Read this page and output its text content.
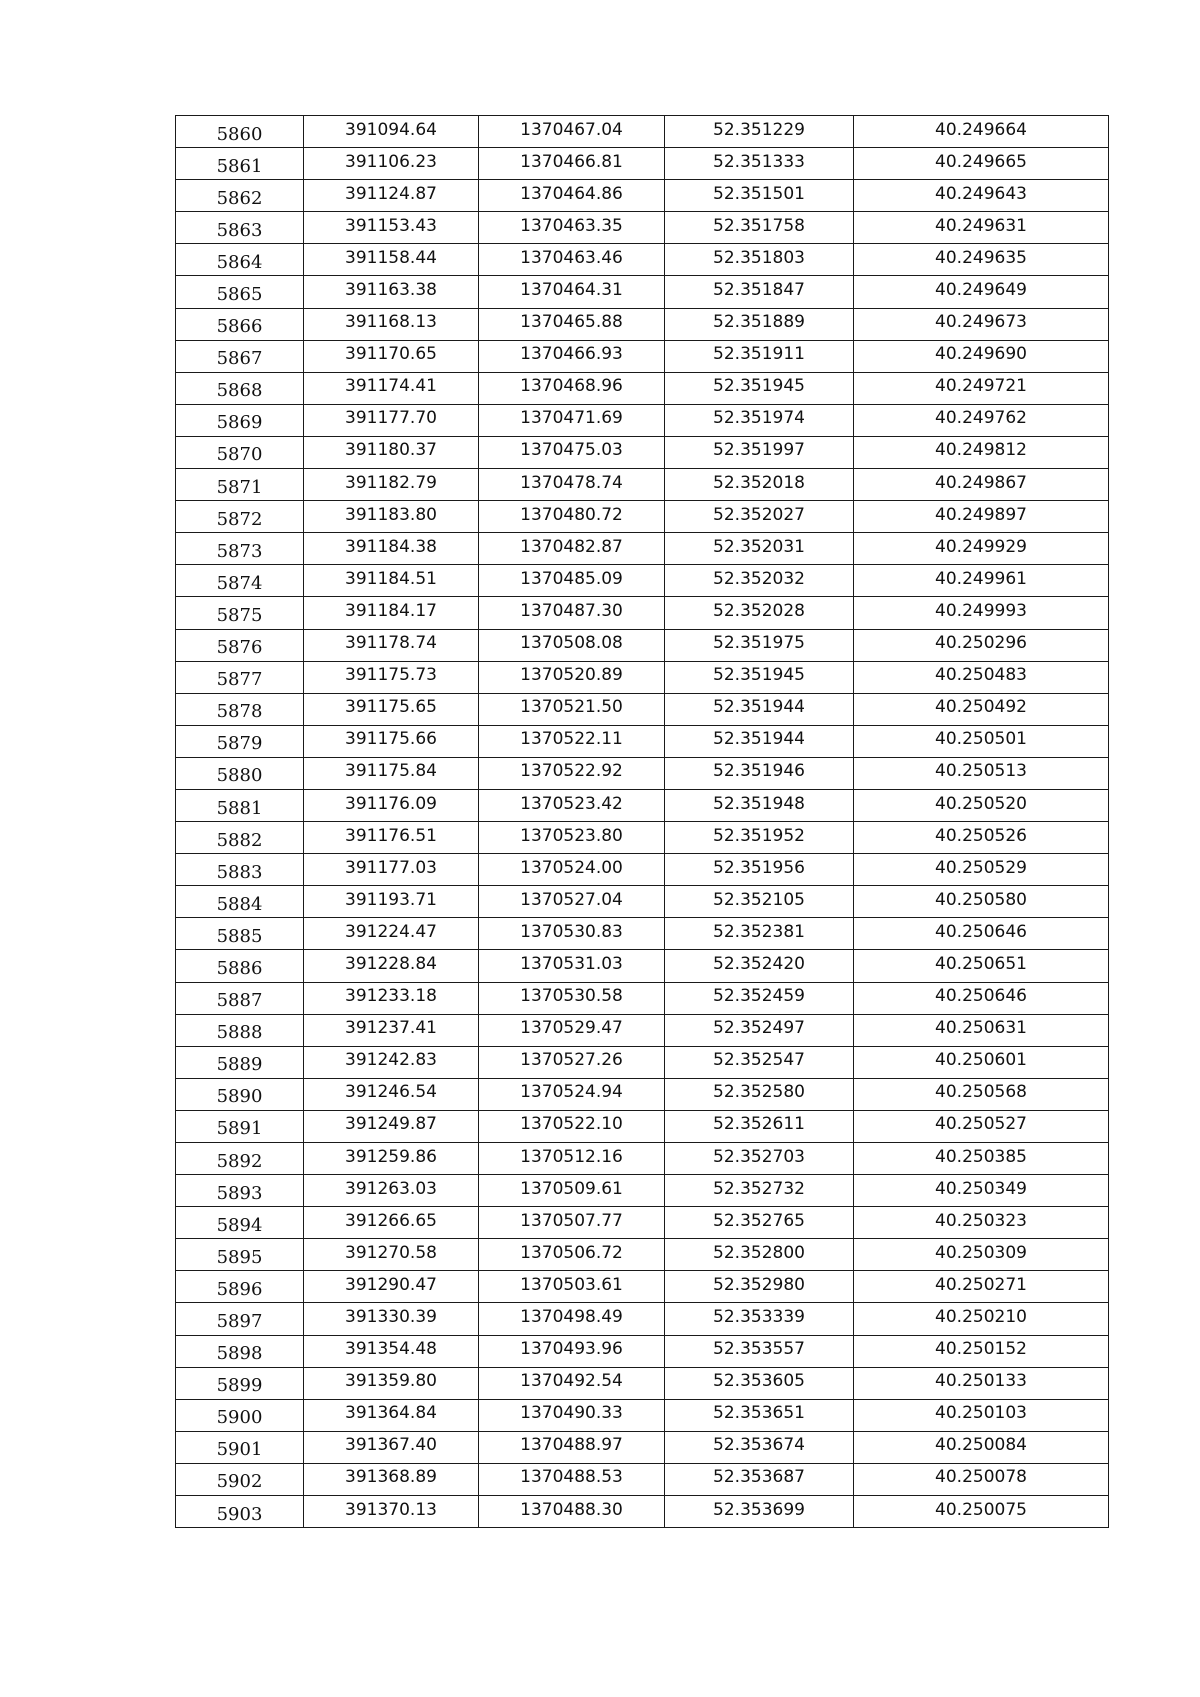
5860	391094.64	1370467.04	52.351229	40.249664
5861	391106.23	1370466.81	52.351333	40.249665
5862	391124.87	1370464.86	52.351501	40.249643
5863	391153.43	1370463.35	52.351758	40.249631
5864	391158.44	1370463.46	52.351803	40.249635
5865	391163.38	1370464.31	52.351847	40.249649
5866	391168.13	1370465.88	52.351889	40.249673
5867	391170.65	1370466.93	52.351911	40.249690
5868	391174.41	1370468.96	52.351945	40.249721
5869	391177.70	1370471.69	52.351974	40.249762
5870	391180.37	1370475.03	52.351997	40.249812
5871	391182.79	1370478.74	52.352018	40.249867
5872	391183.80	1370480.72	52.352027	40.249897
5873	391184.38	1370482.87	52.352031	40.249929
5874	391184.51	1370485.09	52.352032	40.249961
5875	391184.17	1370487.30	52.352028	40.249993
5876	391178.74	1370508.08	52.351975	40.250296
5877	391175.73	1370520.89	52.351945	40.250483
5878	391175.65	1370521.50	52.351944	40.250492
5879	391175.66	1370522.11	52.351944	40.250501
5880	391175.84	1370522.92	52.351946	40.250513
5881	391176.09	1370523.42	52.351948	40.250520
5882	391176.51	1370523.80	52.351952	40.250526
5883	391177.03	1370524.00	52.351956	40.250529
5884	391193.71	1370527.04	52.352105	40.250580
5885	391224.47	1370530.83	52.352381	40.250646
5886	391228.84	1370531.03	52.352420	40.250651
5887	391233.18	1370530.58	52.352459	40.250646
5888	391237.41	1370529.47	52.352497	40.250631
5889	391242.83	1370527.26	52.352547	40.250601
5890	391246.54	1370524.94	52.352580	40.250568
5891	391249.87	1370522.10	52.352611	40.250527
5892	391259.86	1370512.16	52.352703	40.250385
5893	391263.03	1370509.61	52.352732	40.250349
5894	391266.65	1370507.77	52.352765	40.250323
5895	391270.58	1370506.72	52.352800	40.250309
5896	391290.47	1370503.61	52.352980	40.250271
5897	391330.39	1370498.49	52.353339	40.250210
5898	391354.48	1370493.96	52.353557	40.250152
5899	391359.80	1370492.54	52.353605	40.250133
5900	391364.84	1370490.33	52.353651	40.250103
5901	391367.40	1370488.97	52.353674	40.250084
5902	391368.89	1370488.53	52.353687	40.250078
5903	391370.13	1370488.30	52.353699	40.250075
